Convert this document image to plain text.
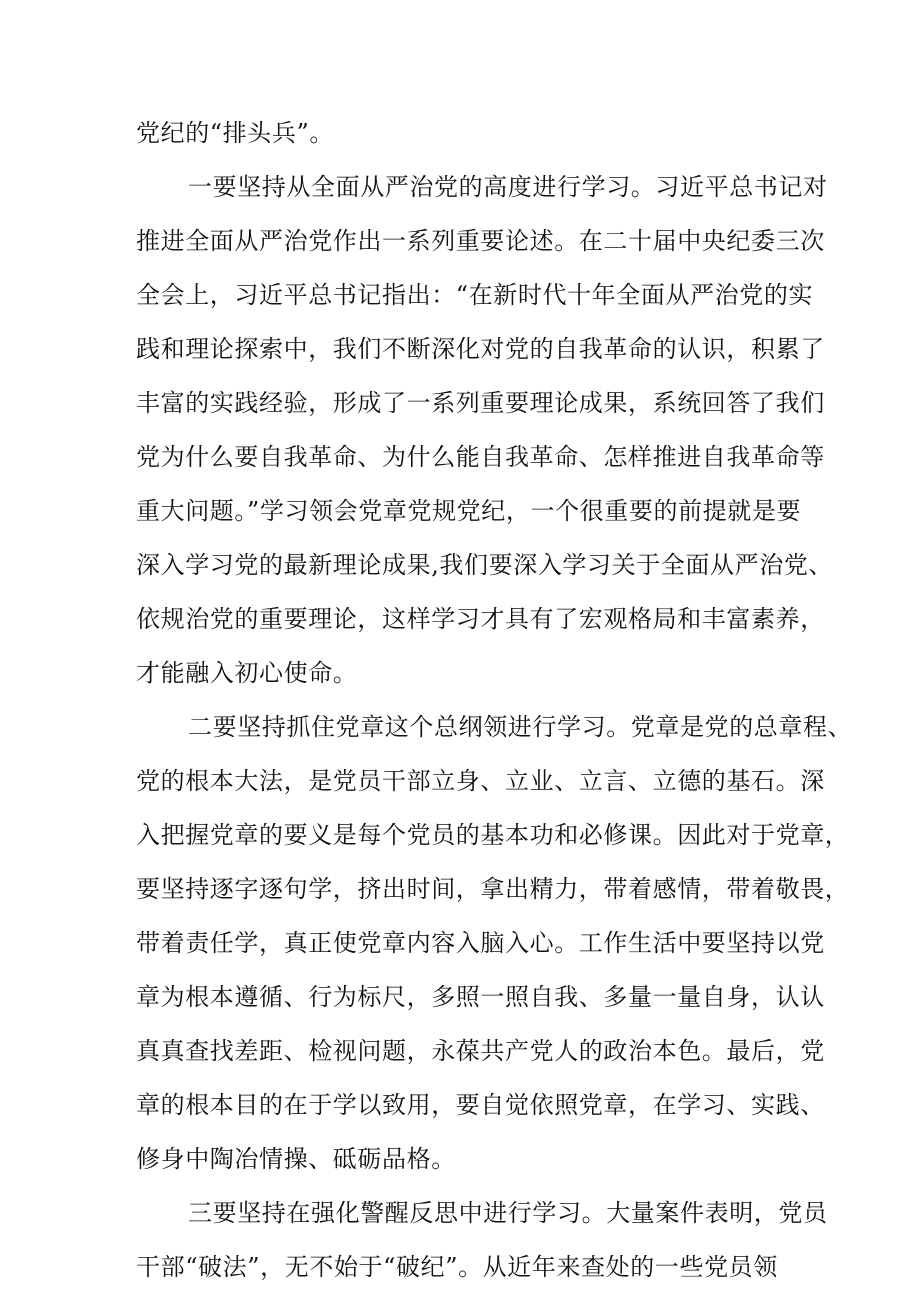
党纪的“排头兵”。
一要坚持从全面从严治党的高度进行学习。习近平总书记对
推进全面从严治党作出一系列重要论述。在二十届中央纪委三次
全会上，习近平总书记指出：“在新时代十年全面从严治党的实
践和理论探索中，我们不断深化对党的自我革命的认识，积累了
丰富的实践经验，形成了一系列重要理论成果，系统回答了我们
党为什么要自我革命、为什么能自我革命、怎样推进自我革命等
重大问题。”学习领会党章党规党纪，一个很重要的前提就是要
深入学习党的最新理论成果,我们要深入学习关于全面从严治党、
依规治党的重要理论，这样学习才具有了宏观格局和丰富素养，
才能融入初心使命。
二要坚持抓住党章这个总纲领进行学习。党章是党的总章程、
党的根本大法，是党员干部立身、立业、立言、立德的基石。深
入把握党章的要义是每个党员的基本功和必修课。因此对于党章，
要坚持逐字逐句学，挤出时间，拿出精力，带着感情，带着敬畏，
带着责任学，真正使党章内容入脑入心。工作生活中要坚持以党
章为根本遵循、行为标尺，多照一照自我、多量一量自身，认认
真真查找差距、检视问题，永葆共产党人的政治本色。最后，党
章的根本目的在于学以致用，要自觉依照党章，在学习、实践、
修身中陶冶情操、砥砺品格。
三要坚持在强化警醒反思中进行学习。大量案件表明，党员
干部“破法”，无不始于“破纪”。从近年来查处的一些党员领
